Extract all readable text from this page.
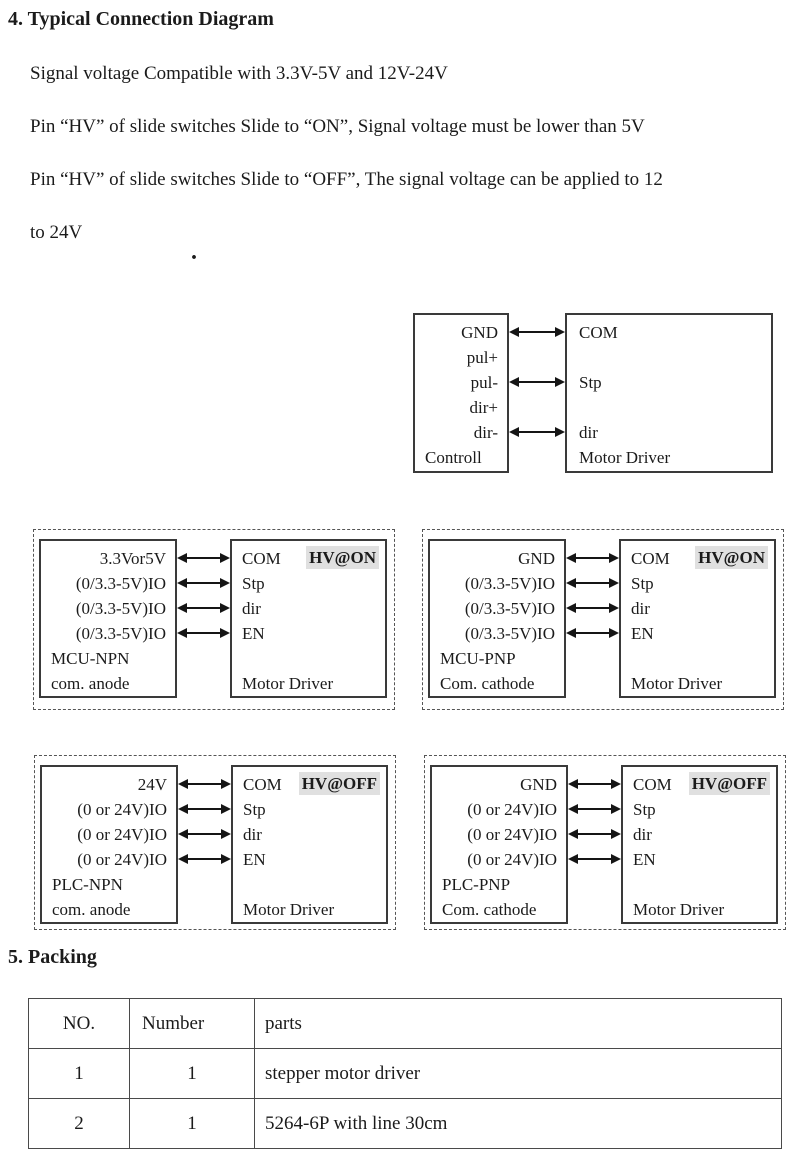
4. Typical Connection Diagram
Signal voltage Compatible with 3.3V-5V and 12V-24V
Pin “HV” of slide switches Slide to “ON”, Signal voltage must be lower than 5V
Pin “HV” of slide switches Slide to “OFF”, The signal voltage can be applied to 12
to 24V
.
GND
pul+
pul-
dir+
dir-
Controll
COM
Stp
dir
Motor Driver
3.3Vor5V
(0/3.3-5V)IO
(0/3.3-5V)IO
(0/3.3-5V)IO
MCU-NPN
com. anode
COM
Stp
dir
EN
Motor Driver
HV@ON	GND
(0/3.3-5V)IO
(0/3.3-5V)IO
(0/3.3-5V)IO
MCU-PNP
Com. cathode
COM
Stp
dir
EN
Motor Driver
HV@ON
24V
(0 or 24V)IO
(0 or 24V)IO
(0 or 24V)IO
PLC-NPN
com. anode
COM
Stp
dir
EN
Motor Driver
HV@OFF	GND
(0 or 24V)IO
(0 or 24V)IO
(0 or 24V)IO
PLC-PNP
Com. cathode
COM
Stp
dir
EN
Motor Driver
HV@OFF
5. Packing
NO.	Number	parts
1	1	stepper motor driver
2	1	5264-6P with line 30cm
